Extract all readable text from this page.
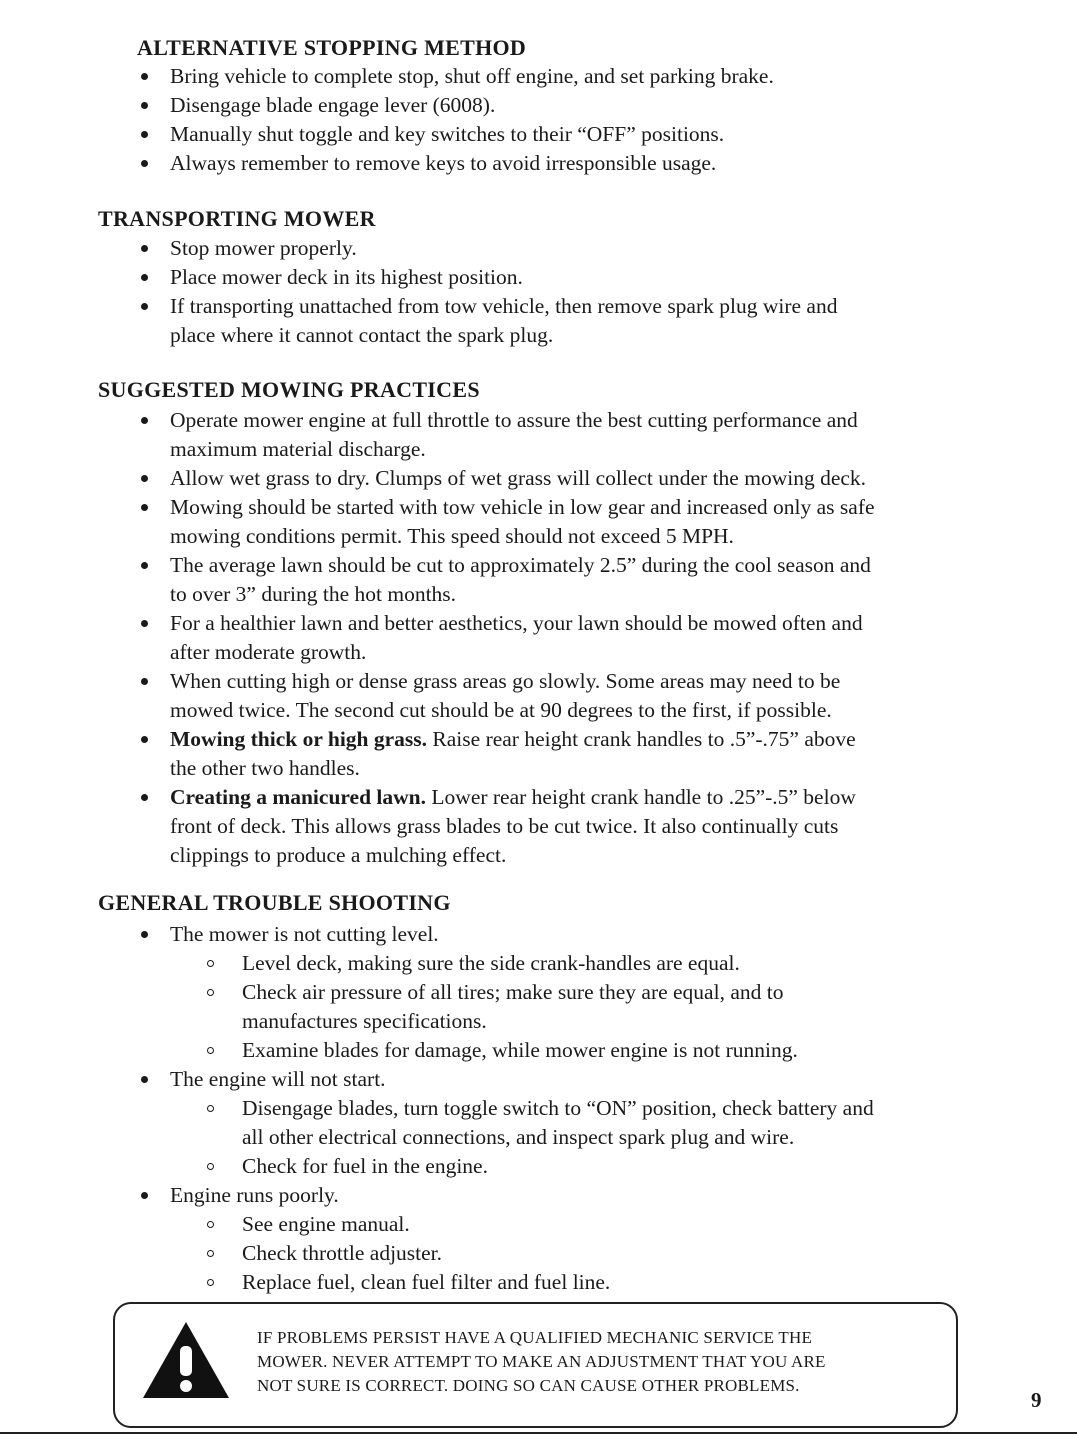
ALTERNATIVE STOPPING METHOD
Bring vehicle to complete stop, shut off engine, and set parking brake.
Disengage blade engage lever (6008).
Manually shut toggle and key switches to their “OFF” positions.
Always remember to remove keys to avoid irresponsible usage.
TRANSPORTING MOWER
Stop mower properly.
Place mower deck in its highest position.
If transporting unattached from tow vehicle, then remove spark plug wire and
place where it cannot contact the spark plug.
SUGGESTED MOWING PRACTICES
Operate mower engine at full throttle to assure the best cutting performance and
maximum material discharge.
Allow wet grass to dry. Clumps of wet grass will collect under the mowing deck.
Mowing should be started with tow vehicle in low gear and increased only as safe
mowing conditions permit. This speed should not exceed 5 MPH.
The average lawn should be cut to approximately 2.5” during the cool season and
to over 3” during the hot months.
For a healthier lawn and better aesthetics, your lawn should be mowed often and
after moderate growth.
When cutting high or dense grass areas go slowly. Some areas may need to be
mowed twice. The second cut should be at 90 degrees to the first, if possible.
Mowing thick or high grass. Raise rear height crank handles to .5”-.75” above
the other two handles.
Creating a manicured lawn. Lower rear height crank handle to .25”-.5” below
front of deck. This allows grass blades to be cut twice. It also continually cuts
clippings to produce a mulching effect.
GENERAL TROUBLE SHOOTING
The mower is not cutting level.
Level deck, making sure the side crank-handles are equal.
Check air pressure of all tires; make sure they are equal, and to
manufactures specifications.
Examine blades for damage, while mower engine is not running.
The engine will not start.
Disengage blades, turn toggle switch to “ON” position, check battery and
all other electrical connections, and inspect spark plug and wire.
Check for fuel in the engine.
Engine runs poorly.
See engine manual.
Check throttle adjuster.
Replace fuel, clean fuel filter and fuel line.
IF PROBLEMS PERSIST HAVE A QUALIFIED MECHANIC SERVICE THE
MOWER. NEVER ATTEMPT TO MAKE AN ADJUSTMENT THAT YOU ARE
NOT SURE IS CORRECT. DOING SO CAN CAUSE OTHER PROBLEMS.
9
